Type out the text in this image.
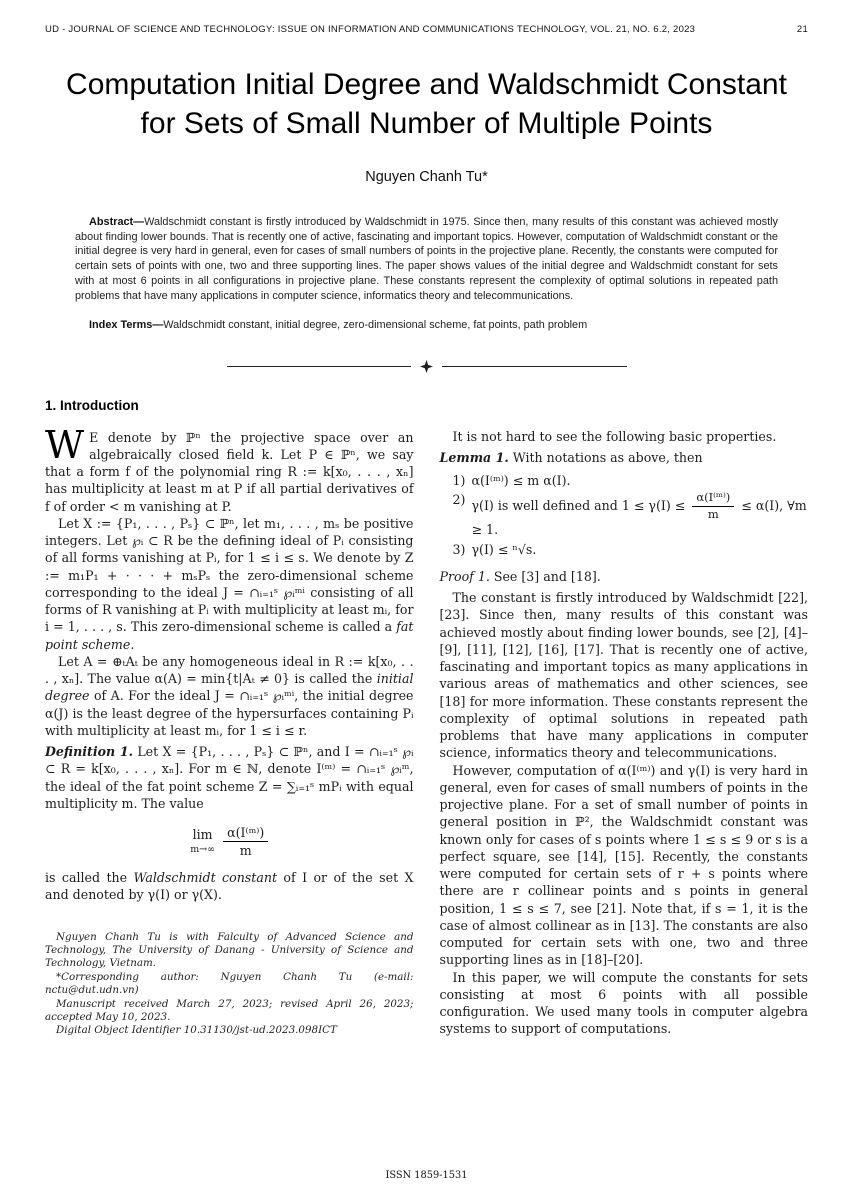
UD - JOURNAL OF SCIENCE AND TECHNOLOGY: ISSUE ON INFORMATION AND COMMUNICATIONS TECHNOLOGY, VOL. 21, NO. 6.2, 2023	21
Computation Initial Degree and Waldschmidt Constant for Sets of Small Number of Multiple Points
Nguyen Chanh Tu*

Abstract—Waldschmidt constant is firstly introduced by Waldschmidt in 1975. Since then, many results of this constant was achieved mostly about finding lower bounds. That is recently one of active, fascinating and important topics. However, computation of Waldschmidt constant or the initial degree is very hard in general, even for cases of small numbers of points in the projective plane. Recently, the constants were computed for certain sets of points with one, two and three supporting lines. The paper shows values of the initial degree and Waldschmidt constant for sets with at most 6 points in all configurations in projective plane. These constants represent the complexity of optimal solutions in repeated path problems that have many applications in computer science, informatics theory and telecommunications.

Index Terms—Waldschmidt constant, initial degree, zero-dimensional scheme, fat points, path problem

1. Introduction

W E denote by ℙⁿ the projective space over an algebraically closed field k. Let P ∈ ℙⁿ, we say that a form f of the polynomial ring R := k[x₀, . . . , xₙ] has multiplicity at least m at P if all partial derivatives of f of order < m vanishing at P.

Let X := {P₁, . . . , Pₛ} ⊂ ℙⁿ, let m₁, . . . , mₛ be positive integers. Let ℘ᵢ ⊂ R be the defining ideal of Pᵢ consisting of all forms vanishing at Pᵢ, for 1 ≤ i ≤ s. We denote by Z := m₁P₁ + · · · + mₛPₛ the zero-dimensional scheme corresponding to the ideal J = ∩ᵢ₌₁ˢ ℘ᵢᵐⁱ consisting of all forms of R vanishing at Pᵢ with multiplicity at least mᵢ, for i = 1, . . . , s. This zero-dimensional scheme is called a fat point scheme.

Let A = ⊕ₜAₜ be any homogeneous ideal in R := k[x₀, . . . , xₙ]. The value α(A) = min{t|Aₜ ≠ 0} is called the initial degree of A. For the ideal J = ∩ᵢ₌₁ˢ ℘ᵢᵐⁱ, the initial degree α(J) is the least degree of the hypersurfaces containing Pᵢ with multiplicity at least mᵢ, for 1 ≤ i ≤ r.

Definition 1. Let X = {P₁, . . . , Pₛ} ⊂ ℙⁿ, and I = ∩ᵢ₌₁ˢ ℘ᵢ ⊂ R = k[x₀, . . . , xₙ]. For m ∈ ℕ, denote I⁽ᵐ⁾ = ∩ᵢ₌₁ˢ ℘ᵢᵐ, the ideal of the fat point scheme Z = ∑ᵢ₌₁ˢ mPᵢ with equal multiplicity m. The value

lim
$m\to\infty \frac{\text{α(I⁽ᵐ⁾)}}{m}$

is called the Waldschmidt constant of I or of the set X and denoted by γ(I) or γ(X).

Nguyen Chanh Tu is with Falculty of Advanced Science and Technology, The University of Danang - University of Science and Technology, Vietnam.

*Corresponding author: Nguyen Chanh Tu (e-mail: nctu@dut.udn.vn)

Manuscript received March 27, 2023; revised April 26, 2023; accepted May 10, 2023.

Digital Object Identifier 10.31130/jst-ud.2023.098ICT

It is not hard to see the following basic properties.

Lemma 1. With notations as above, then

1) α(I⁽ᵐ⁾) ≤ m α(I).
2) γ(I) is well defined and $1 \le \gamma(I) \le \frac{\text{α(I⁽ᵐ⁾)}}{m} \le \alpha(I)$, ∀m ≥ 1.
3) γ(I) ≤ ⁿ√s.

Proof 1. See [3] and [18].

The constant is firstly introduced by Waldschmidt [22], [23]. Since then, many results of this constant was achieved mostly about finding lower bounds, see [2], [4]–[9], [11], [12], [16], [17]. That is recently one of active, fascinating and important topics as many applications in various areas of mathematics and other sciences, see [18] for more information. These constants represent the complexity of optimal solutions in repeated path problems that have many applications in computer science, informatics theory and telecommunications.

However, computation of α(I⁽ᵐ⁾) and γ(I) is very hard in general, even for cases of small numbers of points in the projective plane. For a set of small number of points in general position in ℙ², the Waldschmidt constant was known only for cases of s points where 1 ≤ s ≤ 9 or s is a perfect square, see [14], [15]. Recently, the constants were computed for certain sets of r + s points where there are r collinear points and s points in general position, 1 ≤ s ≤ 7, see [21]. Note that, if s = 1, it is the case of almost collinear as in [13]. The constants are also computed for certain sets with one, two and three supporting lines as in [18]–[20].

In this paper, we will compute the constants for sets consisting at most 6 points with all possible configuration. We used many tools in computer algebra systems to support of computations.

ISSN 1859-1531
